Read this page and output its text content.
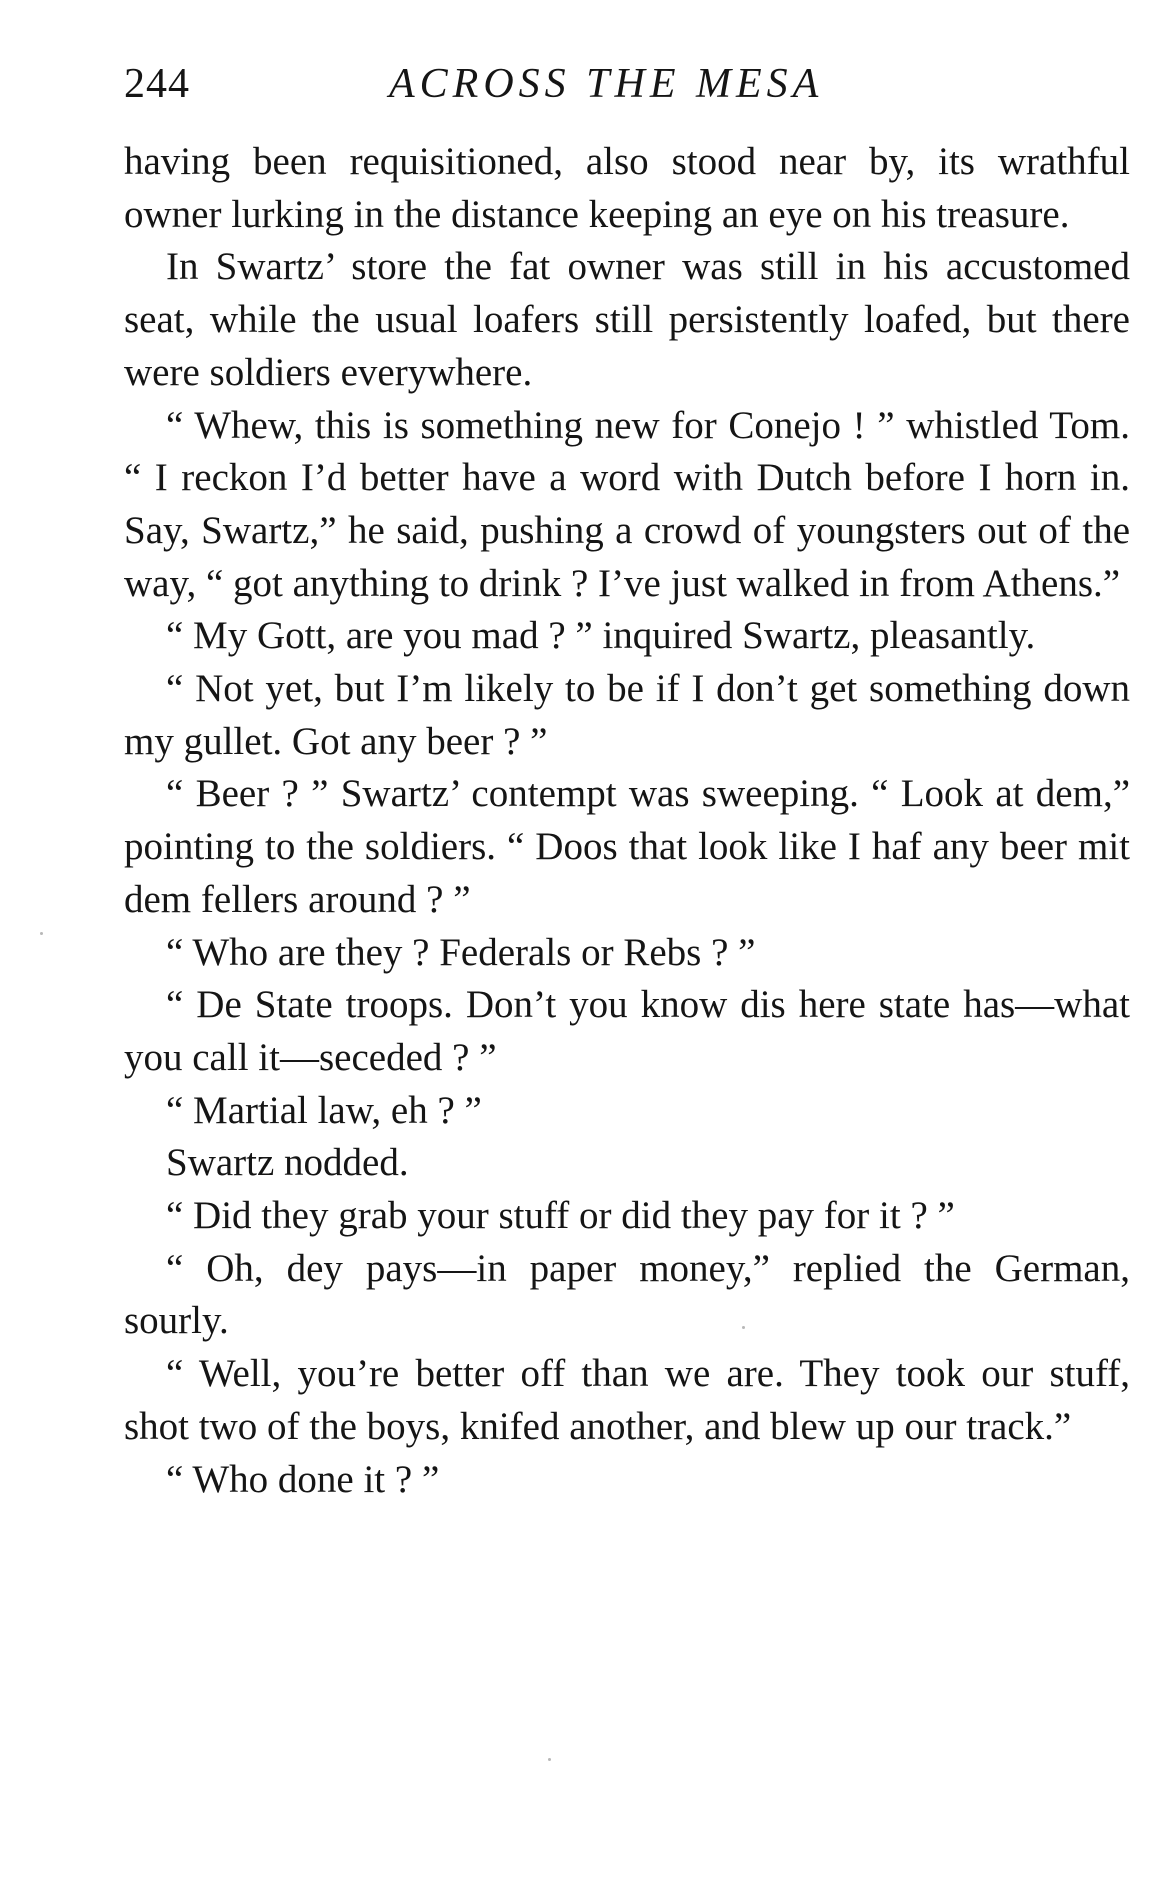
244	ACROSS THE MESA

having been requisitioned, also stood near by, its wrathful owner lurking in the distance keeping an eye on his treasure.

In Swartz’ store the fat owner was still in his accustomed seat, while the usual loafers still persistently loafed, but there were soldiers everywhere.

“ Whew, this is something new for Conejo ! ” whistled Tom. “ I reckon I’d better have a word with Dutch before I horn in. Say, Swartz,” he said, pushing a crowd of youngsters out of the way, “ got anything to drink ? I’ve just walked in from Athens.”

“ My Gott, are you mad ? ” inquired Swartz, pleasantly.

“ Not yet, but I’m likely to be if I don’t get something down my gullet. Got any beer ? ”

“ Beer ? ” Swartz’ contempt was sweeping. “ Look at dem,” pointing to the soldiers. “ Doos that look like I haf any beer mit dem fellers around ? ”

“ Who are they ? Federals or Rebs ? ”

“ De State troops. Don’t you know dis here state has—what you call it—seceded ? ”

“ Martial law, eh ? ”

Swartz nodded.

“ Did they grab your stuff or did they pay for it ? ”

“ Oh, dey pays—in paper money,” replied the German, sourly.

“ Well, you’re better off than we are. They took our stuff, shot two of the boys, knifed another, and blew up our track.”

“ Who done it ? ”
